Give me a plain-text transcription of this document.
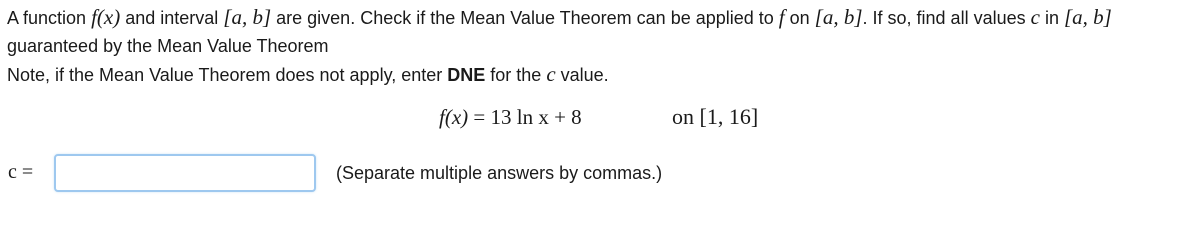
A function f(x) and interval [a, b] are given. Check if the Mean Value Theorem can be applied to f on [a, b]. If so, find all values c in [a, b] guaranteed by the Mean Value Theorem
Note, if the Mean Value Theorem does not apply, enter DNE for the c value.
f(x) = 13 ln x + 8	on [1, 16]
c =	(Separate multiple answers by commas.)
